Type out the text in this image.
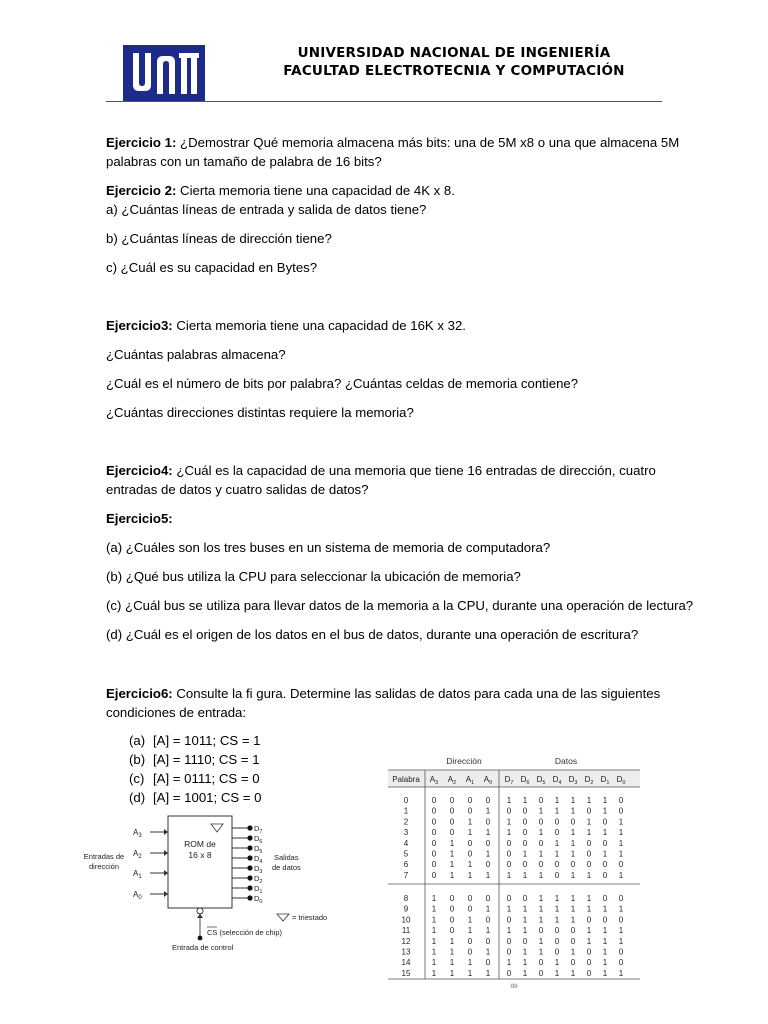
UNIVERSIDAD NACIONAL DE INGENIERÍA
FACULTAD ELECTROTECNIA Y COMPUTACIÓN
Ejercicio 1: ¿Demostrar Qué memoria almacena más bits: una de 5M x8 o una que almacena 5M
palabras con un tamaño de palabra de 16 bits?
Ejercicio 2: Cierta memoria tiene una capacidad de 4K x 8.
a) ¿Cuántas líneas de entrada y salida de datos tiene?
b) ¿Cuántas líneas de dirección tiene?
c) ¿Cuál es su capacidad en Bytes?
Ejercicio3: Cierta memoria tiene una capacidad de 16K x 32.
¿Cuántas palabras almacena?
¿Cuál es el número de bits por palabra? ¿Cuántas celdas de memoria contiene?
¿Cuántas direcciones distintas requiere la memoria?
Ejercicio4: ¿Cuál es la capacidad de una memoria que tiene 16 entradas de dirección, cuatro
entradas de datos y cuatro salidas de datos?
Ejercicio5:
(a) ¿Cuáles son los tres buses en un sistema de memoria de computadora?
(b) ¿Qué bus utiliza la CPU para seleccionar la ubicación de memoria?
(c) ¿Cuál bus se utiliza para llevar datos de la memoria a la CPU, durante una operación de lectura?
(d) ¿Cuál es el origen de los datos en el bus de datos, durante una operación de escritura?
Ejercicio6: Consulte la fi gura. Determine las salidas de datos para cada una de las siguientes
condiciones de entrada:
(a) [A] = 1011; CS = 1
(b) [A] = 1110; CS = 1
(c) [A] = 0111; CS = 0
(d) [A] = 1001; CS = 0
ROM de
16 x 8
$A_3$
$A_2$
$A_1$
$A_0$
Entradas de
dirección
$D_7$
$D_6$
$D_5$
$D_4$
$D_3$
$D_2$
$D_1$
$D_0$
Salidas
de datos
CS (selección de chip)
Entrada de control
= triestado
Dirección	Datos
Palabra $A_3$ $A_2$ $A_1$ $A_0$ $D_7$ $D_6$ $D_5$ $D_4$ $D_3$ $D_2$ $D_1$ $D_0$
0	0 0 0 0 1 1 0 1 1 1 1 0
1	0 0 0 1 0 0 1 1 1 0 1 0
2	0 0 1 0 1 0 0 0 0 1 0 1
3	0 0 1 1 1 0 1 0 1 1 1 1
4	0 1 0 0 0 0 0 1 1 0 0 1
5	0 1 0 1 0 1 1 1 1 0 1 1
6	0 1 1 0 0 0 0 0 0 0 0 0
7	0 1 1 1 1 1 1 0 1 1 0 1
8	1 0 0 0 0 0 1 1 1 1 0 0
9	1 0 0 1 1 1 1 1 1 1 1 1
10	1 0 1 0 0 1 1 1 1 0 0 0
11	1 0 1 1 1 1 0 0 0 1 1 1
12	1 1 0 0 0 0 1 0 0 1 1 1
13	1 1 0 1 0 1 1 0 1 0 1 0
14	1 1 1 0 1 1 0 1 0 0 1 0
15	1 1 1 1 0 1 0 1 1 0 1 1
(b)
